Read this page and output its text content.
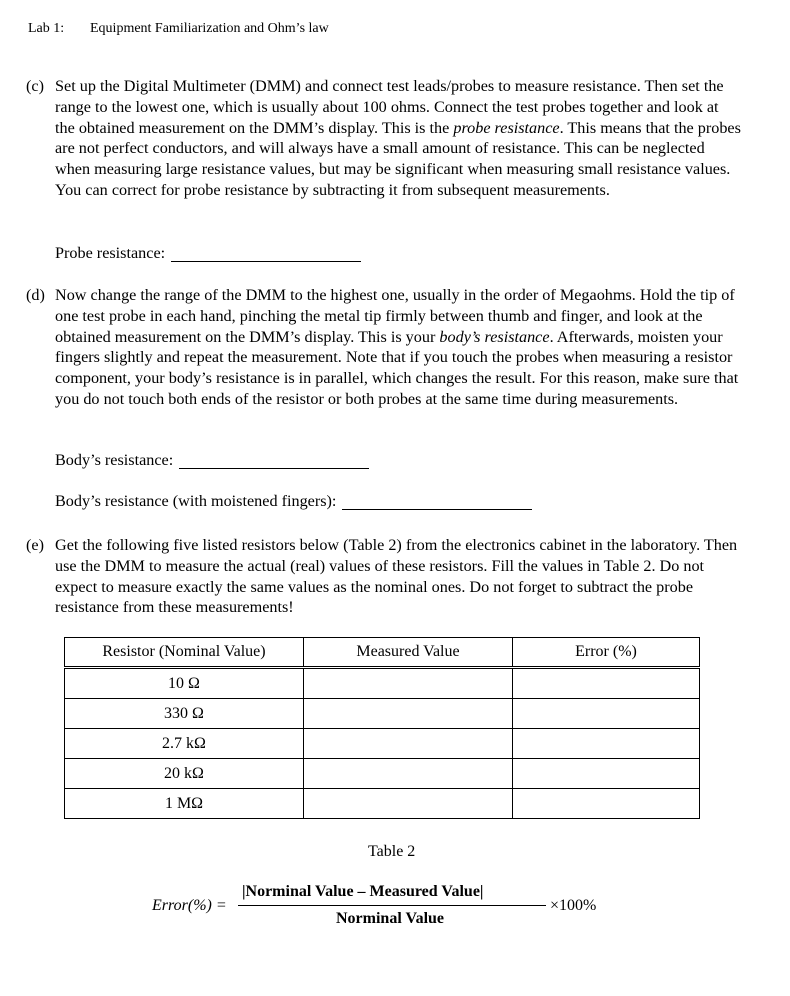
Lab 1: Equipment Familiarization and Ohm’s law
(c) Set up the Digital Multimeter (DMM) and connect test leads/probes to measure resistance. Then set the range to the lowest one, which is usually about 100 ohms. Connect the test probes together and look at the obtained measurement on the DMM’s display. This is the probe resistance. This means that the probes are not perfect conductors, and will always have a small amount of resistance. This can be neglected when measuring large resistance values, but may be significant when measuring small resistance values. You can correct for probe resistance by subtracting it from subsequent measurements.
Probe resistance:
(d) Now change the range of the DMM to the highest one, usually in the order of Megaohms. Hold the tip of one test probe in each hand, pinching the metal tip firmly between thumb and finger, and look at the obtained measurement on the DMM’s display. This is your body’s resistance. Afterwards, moisten your fingers slightly and repeat the measurement. Note that if you touch the probes when measuring a resistor component, your body’s resistance is in parallel, which changes the result. For this reason, make sure that you do not touch both ends of the resistor or both probes at the same time during measurements.
Body’s resistance:
Body’s resistance (with moistened fingers):
(e) Get the following five listed resistors below (Table 2) from the electronics cabinet in the laboratory. Then use the DMM to measure the actual (real) values of these resistors. Fill the values in Table 2. Do not expect to measure exactly the same values as the nominal ones. Do not forget to subtract the probe resistance from these measurements!
Resistor (Nominal Value)	Measured Value	Error (%)
10 Ω		
330 Ω		
2.7 kΩ		
20 kΩ		
1 MΩ		
Table 2
Error(%) =
|Norminal Value – Measured Value|
Norminal Value
×100%
